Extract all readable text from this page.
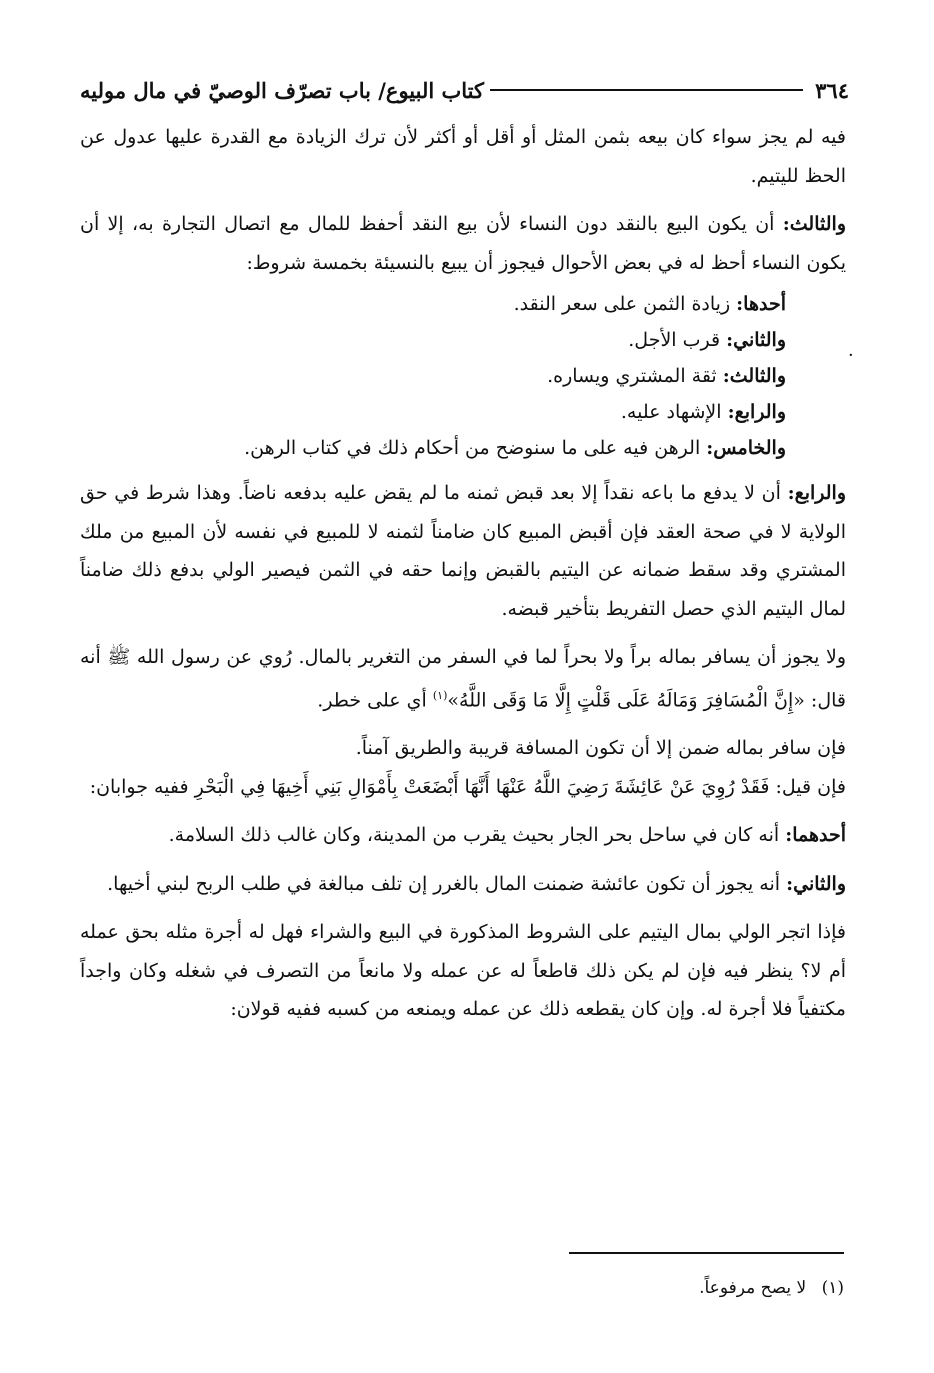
٣٦٤
كتاب البيوع/ باب تصرّف الوصيّ في مال موليه
·

فيه لم يجز سواء كان بيعه بثمن المثل أو أقل أو أكثر لأن ترك الزيادة مع القدرة عليها عدول عن الحظ لليتيم.

والثالث: أن يكون البيع بالنقد دون النساء لأن بيع النقد أحفظ للمال مع اتصال التجارة به، إلا أن يكون النساء أحظ له في بعض الأحوال فيجوز أن يبيع بالنسيئة بخمسة شروط:

أحدها: زيادة الثمن على سعر النقد.
والثاني: قرب الأجل.
والثالث: ثقة المشتري ويساره.
والرابع: الإشهاد عليه.
والخامس: الرهن فيه على ما سنوضح من أحكام ذلك في كتاب الرهن.

والرابع: أن لا يدفع ما باعه نقداً إلا بعد قبض ثمنه ما لم يقض عليه بدفعه ناضاً. وهذا شرط في حق الولاية لا في صحة العقد فإن أقبض المبيع كان ضامناً لثمنه لا للمبيع في نفسه لأن المبيع من ملك المشتري وقد سقط ضمانه عن اليتيم بالقبض وإنما حقه في الثمن فيصير الولي بدفع ذلك ضامناً لمال اليتيم الذي حصل التفريط بتأخير قبضه.

ولا يجوز أن يسافر بماله براً ولا بحراً لما في السفر من التغرير بالمال. رُوي عن رسول الله ﷺ أنه قال: «إِنَّ الْمُسَافِرَ وَمَالَهُ عَلَى قَلْتٍ إِلَّا مَا وَقَى اللَّهُ»$^{(١)}$ أي على خطر.

فإن سافر بماله ضمن إلا أن تكون المسافة قريبة والطريق آمناً.

فإن قيل: فَقَدْ رُوِيَ عَنْ عَائِشَةَ رَضِيَ اللَّهُ عَنْهَا أَنَّهَا أَبْضَعَتْ بِأَمْوَالِ بَنِي أَخِيهَا فِي الْبَحْرِ ففيه جوابان:

أحدهما: أنه كان في ساحل بحر الجار بحيث يقرب من المدينة، وكان غالب ذلك السلامة.

والثاني: أنه يجوز أن تكون عائشة ضمنت المال بالغرر إن تلف مبالغة في طلب الربح لبني أخيها.

فإذا اتجر الولي بمال اليتيم على الشروط المذكورة في البيع والشراء فهل له أجرة مثله بحق عمله أم لا؟ ينظر فيه فإن لم يكن ذلك قاطعاً له عن عمله ولا مانعاً من التصرف في شغله وكان واجداً مكتفياً فلا أجرة له. وإن كان يقطعه ذلك عن عمله ويمنعه من كسبه ففيه قولان:

(١) لا يصح مرفوعاً.
